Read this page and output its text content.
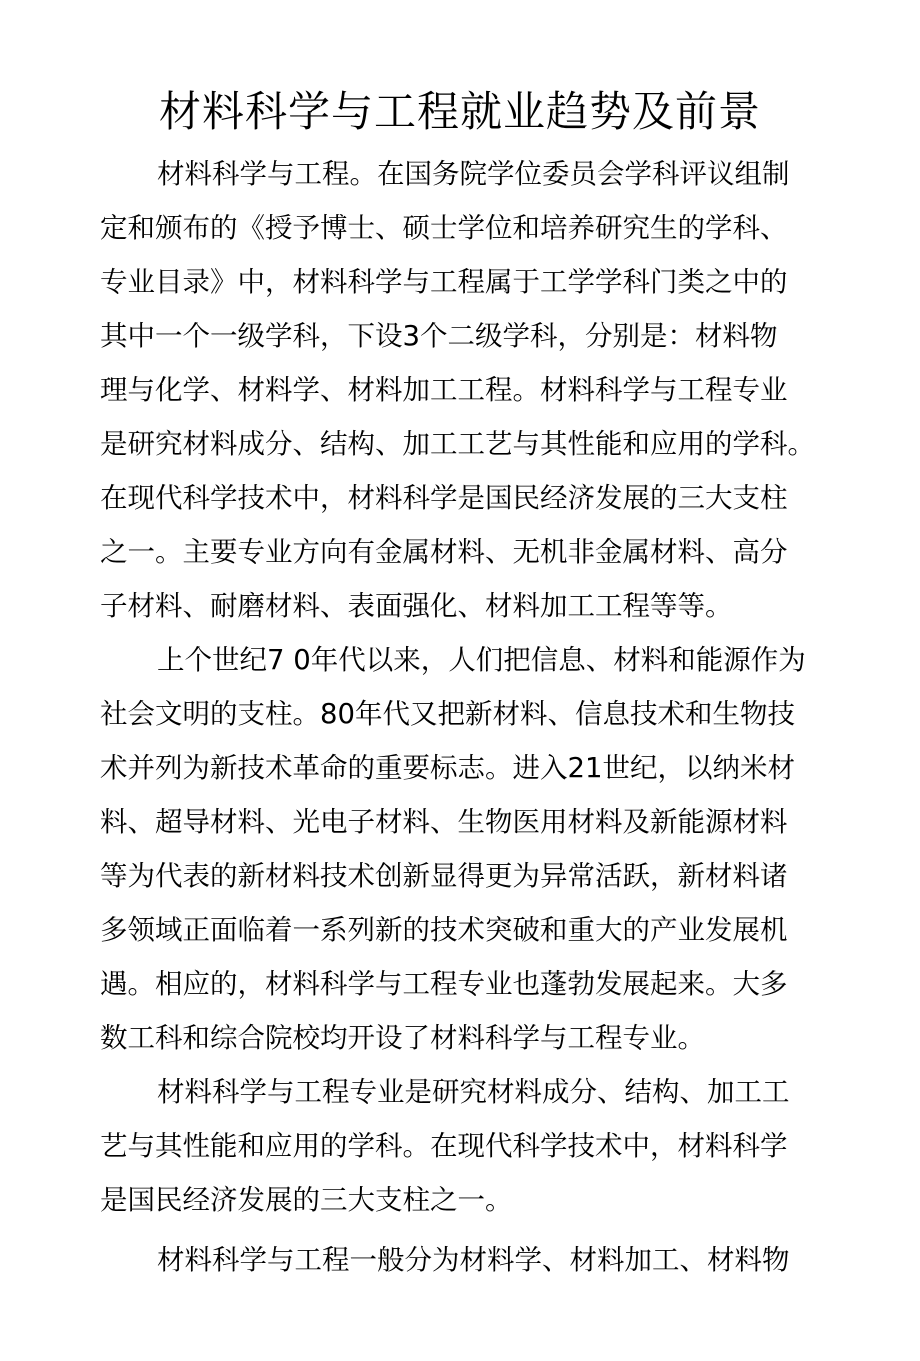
材料科学与工程就业趋势及前景
材料科学与工程。在国务院学位委员会学科评议组制
定和颁布的《授予博士、硕士学位和培养研究生的学科、
专业目录》中，材料科学与工程属于工学学科门类之中的
其中一个一级学科，下设3个二级学科，分别是：材料物
理与化学、材料学、材料加工工程。材料科学与工程专业
是研究材料成分、结构、加工工艺与其性能和应用的学科。
在现代科学技术中，材料科学是国民经济发展的三大支柱
之一。主要专业方向有金属材料、无机非金属材料、高分
子材料、耐磨材料、表面强化、材料加工工程等等。
上个世纪7 0年代以来，人们把信息、材料和能源作为
社会文明的支柱。80年代又把新材料、信息技术和生物技
术并列为新技术革命的重要标志。进入21世纪，以纳米材
料、超导材料、光电子材料、生物医用材料及新能源材料
等为代表的新材料技术创新显得更为异常活跃，新材料诸
多领域正面临着一系列新的技术突破和重大的产业发展机
遇。相应的，材料科学与工程专业也蓬勃发展起来。大多
数工科和综合院校均开设了材料科学与工程专业。
材料科学与工程专业是研究材料成分、结构、加工工
艺与其性能和应用的学科。在现代科学技术中，材料科学
是国民经济发展的三大支柱之一。
材料科学与工程一般分为材料学、材料加工、材料物
